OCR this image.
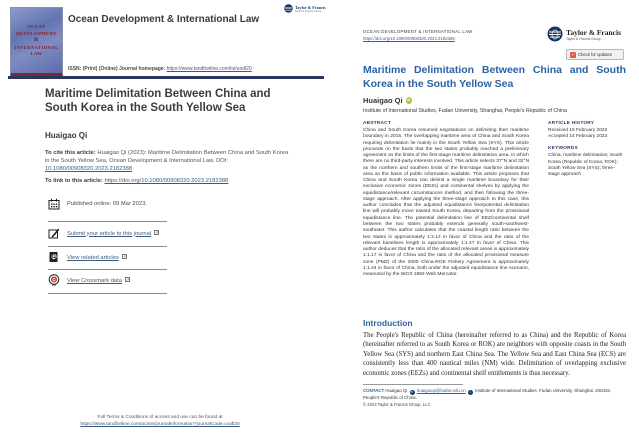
OCEAN
DEVELOPMENT
&
INTERNATIONAL
LAW
Ocean Development & International Law
Taylor & Francis
Taylor & Francis Group
ISSN: (Print) (Online) Journal homepage: https://www.tandfonline.com/loi/uodl20
Maritime Delimitation Between China and South Korea in the South Yellow Sea
Huaigao Qi
To cite this article: Huaigao Qi (2023): Maritime Delimitation Between China and South Korea in the South Yellow Sea, Ocean Development & International Law, DOI: 10.1080/00908320.2023.2182388
To link to this article: https://doi.org/10.1080/00908320.2023.2182388
Published online: 09 Mar 2023.
Submit your article to this journal ↗
View related articles ↗
View Crossmark data ↗
Full Terms & Conditions of access and use can be found at
https://www.tandfonline.com/action/journalInformation?journalCode=uodl20
OCEAN DEVELOPMENT & INTERNATIONAL LAW
https://doi.org/10.1080/00908320.2023.2182388
Taylor & Francis
Taylor & Francis Group
✓ Check for updates
Maritime Delimitation Between China and South Korea in the South Yellow Sea
Huaigao Qi	iD
Institute of International Studies, Fudan University, Shanghai, People's Republic of China
ABSTRACT
China and South Korea resumed negotiations on delimiting their maritime boundary in 2015. The overlapping maritime area of China and South Korea requiring delimitation lie mainly in the South Yellow Sea (SYS). This article proceeds on the basis that the two states probably reached a preliminary agreement on the limits of the first-stage maritime delimitation area, in which there are no third-party interests involved. This article selects 37°N and 32°N as the northern and southern limits of the first-stage maritime delimitation area on the basis of public information available. This article proposes that China and South Korea can delimit a single maritime boundary for their exclusive economic zones (EEZs) and continental shelves by applying the equidistance/relevant circumstances method, and then following the three-stage approach. After applying the three-stage approach to this case, this author concludes that the adjusted equidistance line/potential delimitation line will probably move toward South Korea, departing from the provisional equidistance line. The potential delimitation line of EEZ/continental shelf between the two states probably extends generally south-southwest-southeast. This author calculates that the coastal length ratio between the two states is approximately 1:2.14 in favor of China and the ratio of the relevant baselines length is approximately 1:1.47 in favor of China. This author deduces that the ratio of the allocated relevant areas is approximately 1:1.17 in favor of China and the ratio of the allocated provisional measure zone (PMZ) of the 2000 China-ROK Fishery Agreement is approximately 1:1.44 in favor of China, both under the adjusted equidistance line scenario, measured by the WGS 1984 Web Mercator.
ARTICLE HISTORY
Received 15 February 2022
Accepted 14 February 2023
KEYWORDS
China; maritime delimitation; South Korea (Republic of Korea; ROK); South Yellow Sea (SYS); three-stage approach
Introduction
The People's Republic of China (hereinafter referred to as China) and the Republic of Korea (hereinafter referred to as South Korea or ROK) are neighbors with opposite coasts in the South Yellow Sea (SYS) and northern East China Sea. The Yellow Sea and East China Sea (ECS) are consistently less than 400 nautical miles (NM) wide. Delimitation of overlapping exclusive economic zones (EEZs) and continental shelf entitlements is thus necessary.
CONTACT Huaigao Qi ✉ huaigaoqi@fudan.edu.cn ⌂ Institute of International Studies, Fudan University, Shanghai, 200433, People's Republic of China.
© 2023 Taylor & Francis Group, LLC
